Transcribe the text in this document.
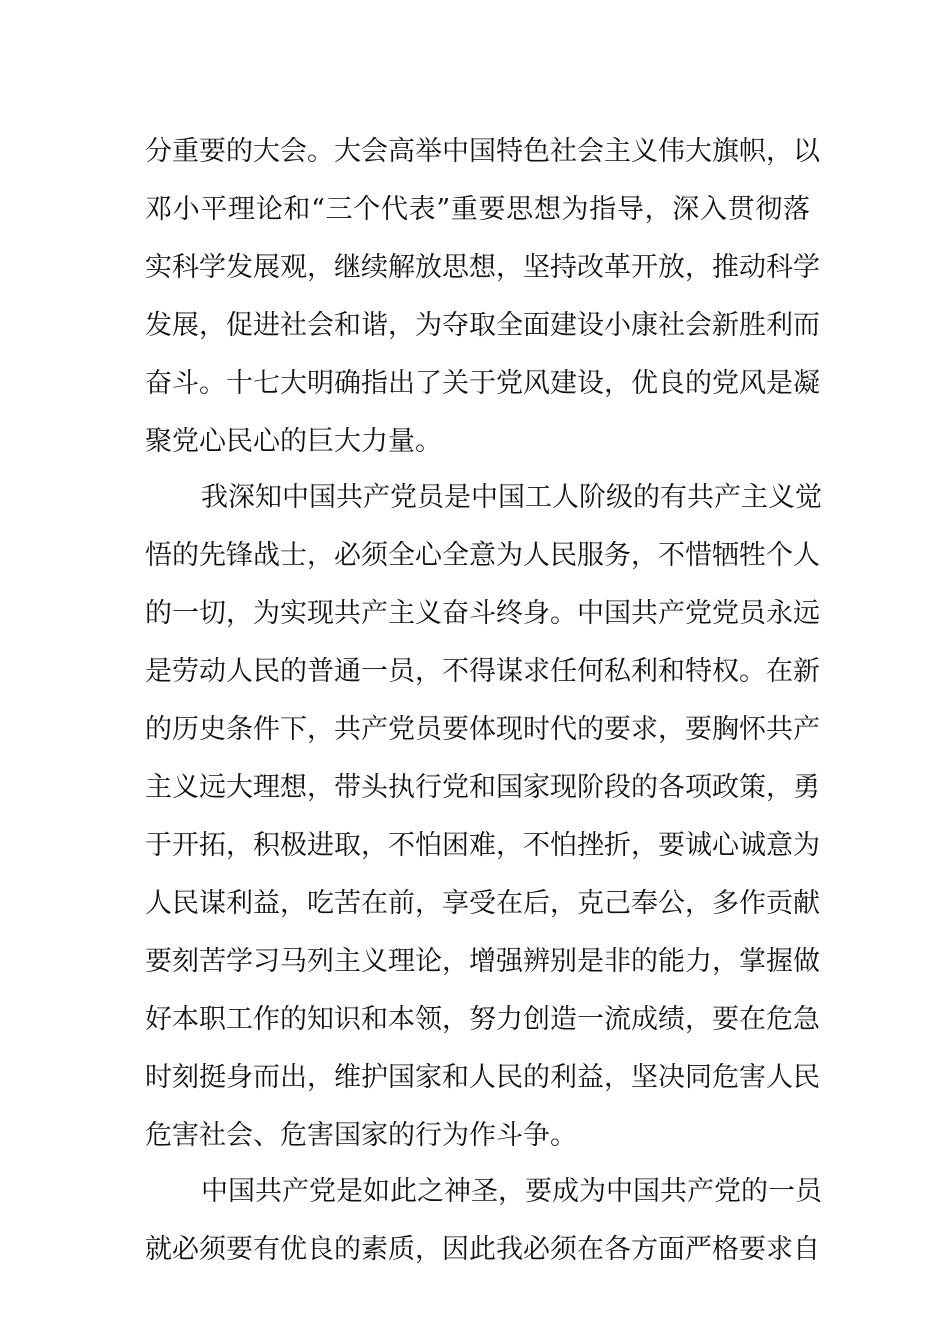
分重要的大会。大会高举中国特色社会主义伟大旗帜，以
邓小平理论和“三个代表”重要思想为指导，深入贯彻落
实科学发展观，继续解放思想，坚持改革开放，推动科学
发展，促进社会和谐，为夺取全面建设小康社会新胜利而
奋斗。十七大明确指出了关于党风建设，优良的党风是凝
聚党心民心的巨大力量。
我深知中国共产党员是中国工人阶级的有共产主义觉
悟的先锋战士，必须全心全意为人民服务，不惜牺牲个人
的一切，为实现共产主义奋斗终身。中国共产党党员永远
是劳动人民的普通一员，不得谋求任何私利和特权。在新
的历史条件下，共产党员要体现时代的要求，要胸怀共产
主义远大理想，带头执行党和国家现阶段的各项政策，勇
于开拓，积极进取，不怕困难，不怕挫折，要诚心诚意为
人民谋利益，吃苦在前，享受在后，克己奉公，多作贡献
要刻苦学习马列主义理论，增强辨别是非的能力，掌握做
好本职工作的知识和本领，努力创造一流成绩，要在危急
时刻挺身而出，维护国家和人民的利益，坚决同危害人民
危害社会、危害国家的行为作斗争。
中国共产党是如此之神圣，要成为中国共产党的一员
就必须要有优良的素质，因此我必须在各方面严格要求自
